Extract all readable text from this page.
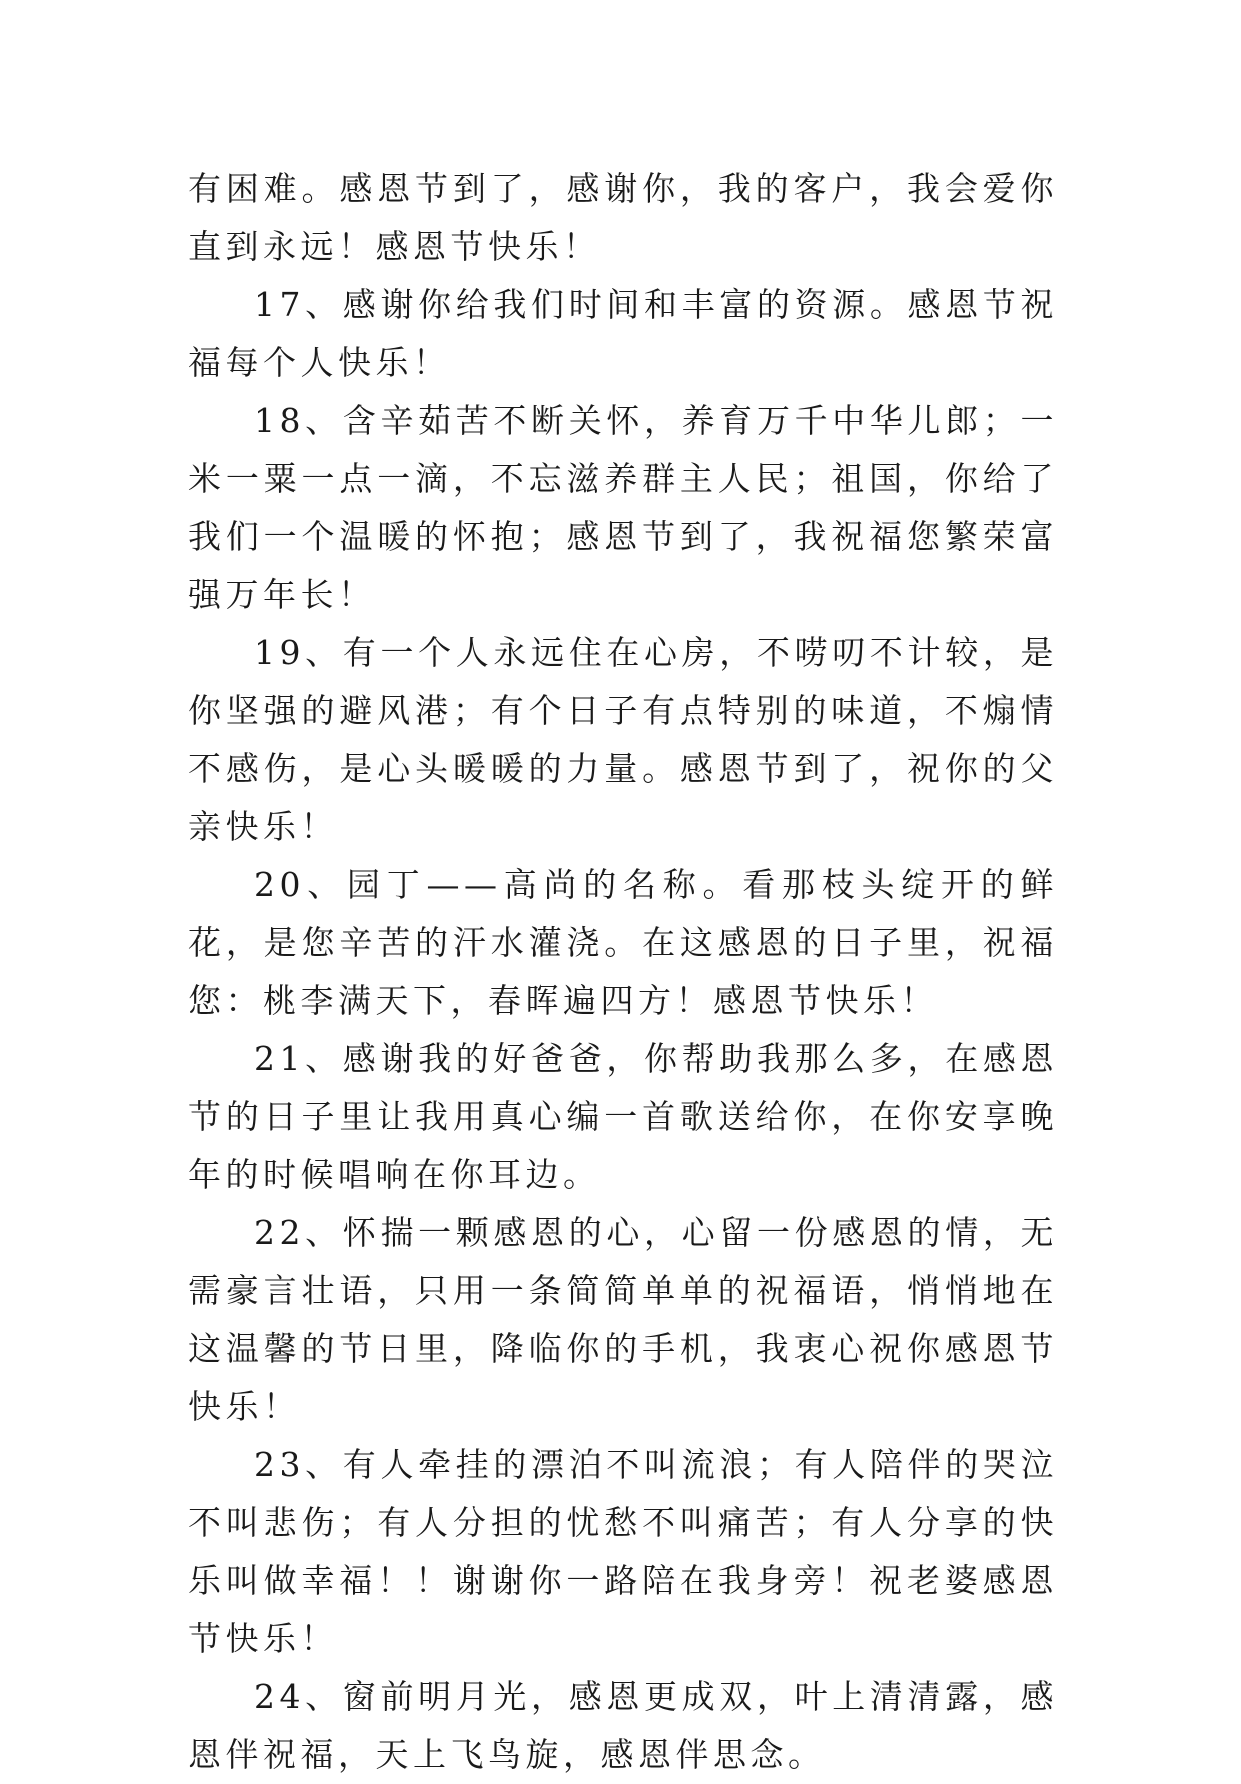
有困难。感恩节到了，感谢你，我的客户，我会爱你直到永远！感恩节快乐！

17、感谢你给我们时间和丰富的资源。感恩节祝福每个人快乐！

18、含辛茹苦不断关怀，养育万千中华儿郎；一米一粟一点一滴，不忘滋养群主人民；祖国，你给了我们一个温暖的怀抱；感恩节到了，我祝福您繁荣富强万年长！

19、有一个人永远住在心房，不唠叨不计较，是你坚强的避风港；有个日子有点特别的味道，不煽情不感伤，是心头暖暖的力量。感恩节到了，祝你的父亲快乐！

20、园丁——高尚的名称。看那枝头绽开的鲜花，是您辛苦的汗水灌浇。在这感恩的日子里，祝福您：桃李满天下，春晖遍四方！感恩节快乐！

21、感谢我的好爸爸，你帮助我那么多，在感恩节的日子里让我用真心编一首歌送给你，在你安享晚年的时候唱响在你耳边。

22、怀揣一颗感恩的心，心留一份感恩的情，无需豪言壮语，只用一条简简单单的祝福语，悄悄地在这温馨的节日里，降临你的手机，我衷心祝你感恩节快乐！

23、有人牵挂的漂泊不叫流浪；有人陪伴的哭泣不叫悲伤；有人分担的忧愁不叫痛苦；有人分享的快乐叫做幸福！！谢谢你一路陪在我身旁！祝老婆感恩节快乐！

24、窗前明月光，感恩更成双，叶上清清露，感恩伴祝福，天上飞鸟旋，感恩伴思念。
